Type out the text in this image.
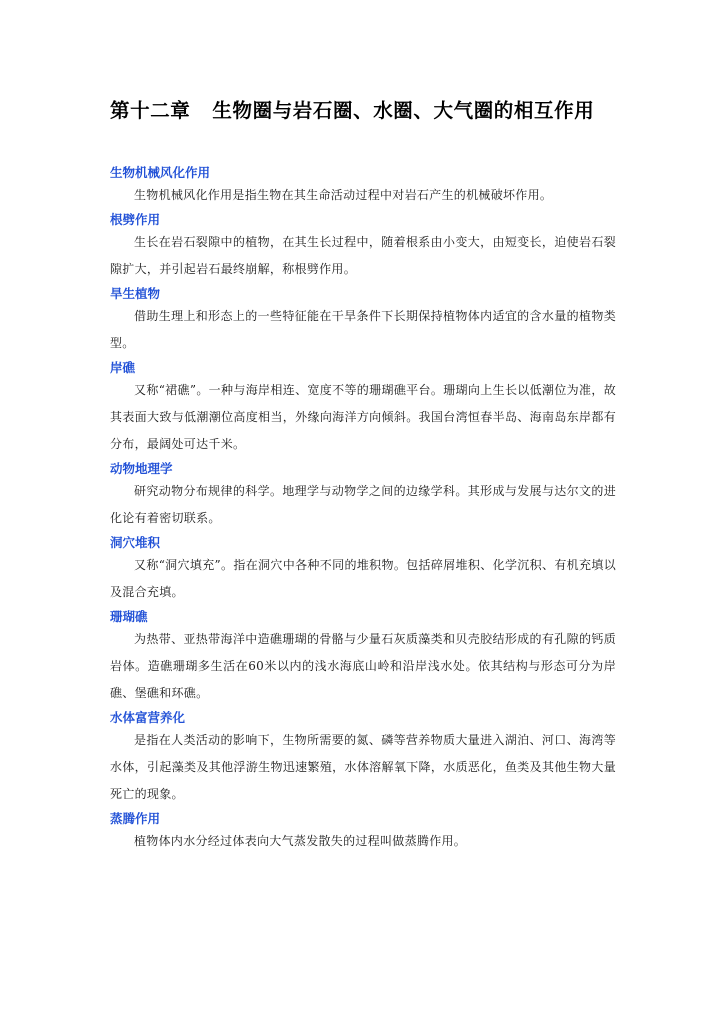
第十二章 生物圈与岩石圈、水圈、大气圈的相互作用

生物机械风化作用

生物机械风化作用是指生物在其生命活动过程中对岩石产生的机械破坏作用。

根劈作用

生长在岩石裂隙中的植物，在其生长过程中，随着根系由小变大，由短变长，迫使岩石裂隙扩大，并引起岩石最终崩解，称根劈作用。

旱生植物

借助生理上和形态上的一些特征能在干旱条件下长期保持植物体内适宜的含水量的植物类型。

岸礁

又称“裙礁”。一种与海岸相连、宽度不等的珊瑚礁平台。珊瑚向上生长以低潮位为准，故其表面大致与低潮潮位高度相当，外缘向海洋方向倾斜。我国台湾恒春半岛、海南岛东岸都有分布，最阔处可达千米。

动物地理学

研究动物分布规律的科学。地理学与动物学之间的边缘学科。其形成与发展与达尔文的进化论有着密切联系。

洞穴堆积

又称“洞穴填充”。指在洞穴中各种不同的堆积物。包括碎屑堆积、化学沉积、有机充填以及混合充填。

珊瑚礁

为热带、亚热带海洋中造礁珊瑚的骨骼与少量石灰质藻类和贝壳胶结形成的有孔隙的钙质岩体。造礁珊瑚多生活在60米以内的浅水海底山岭和沿岸浅水处。依其结构与形态可分为岸礁、堡礁和环礁。

水体富营养化

是指在人类活动的影响下，生物所需要的氮、磷等营养物质大量进入湖泊、河口、海湾等水体，引起藻类及其他浮游生物迅速繁殖，水体溶解氧下降，水质恶化，鱼类及其他生物大量死亡的现象。

蒸腾作用

植物体内水分经过体表向大气蒸发散失的过程叫做蒸腾作用。
